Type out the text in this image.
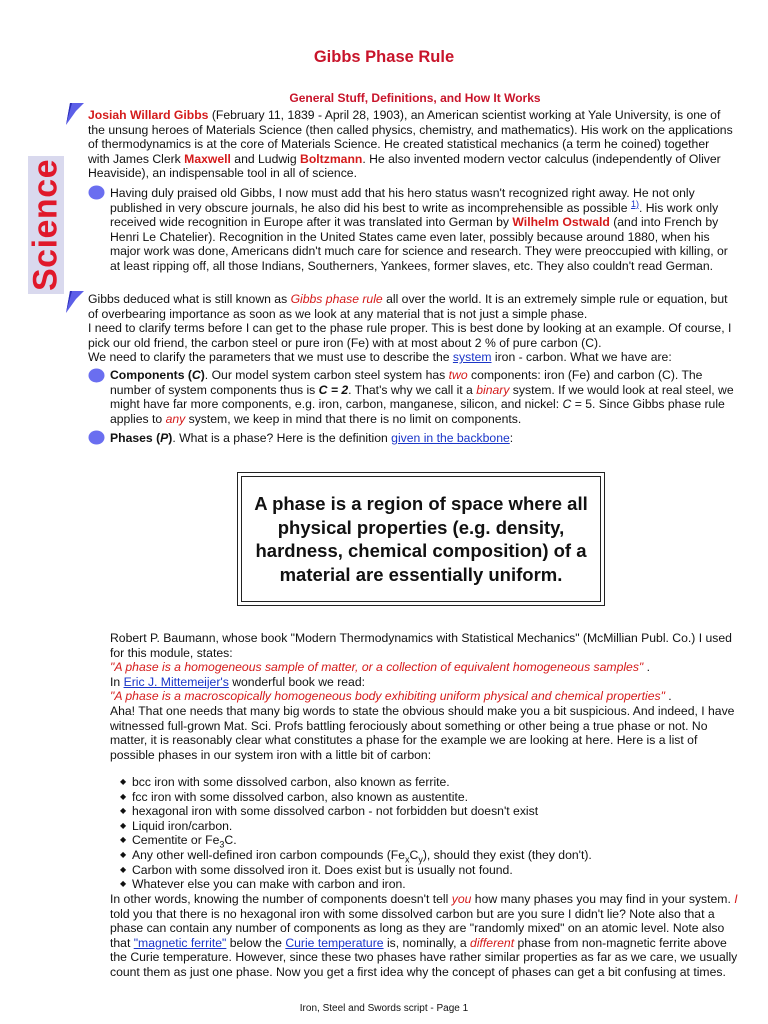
Gibbs Phase Rule
General Stuff, Definitions, and How It Works
Science
Josiah Willard Gibbs (February 11, 1839 - April 28, 1903), an American scientist working at Yale University, is one of the unsung heroes of Materials Science (then called physics, chemistry, and mathematics). His work on the applications of thermodynamics is at the core of Materials Science. He created statistical mechanics (a term he coined) together with James Clerk Maxwell and Ludwig Boltzmann. He also invented modern vector calculus (independently of Oliver Heaviside), an indispensable tool in all of science.
Having duly praised old Gibbs, I now must add that his hero status wasn't recognized right away. He not only published in very obscure journals, he also did his best to write as incomprehensible as possible $^{1)}$. His work only received wide recognition in Europe after it was translated into German by Wilhelm Ostwald (and into French by Henri Le Chatelier). Recognition in the United States came even later, possibly because around 1880, when his major work was done, Americans didn't much care for science and research. They were preoccupied with killing, or at least ripping off, all those Indians, Southerners, Yankees, former slaves, etc. They also couldn't read German.
Gibbs deduced what is still known as Gibbs phase rule all over the world. It is an extremely simple rule or equation, but of overbearing importance as soon as we look at any material that is not just a simple phase.
I need to clarify terms before I can get to the phase rule proper. This is best done by looking at an example. Of course, I pick our old friend, the carbon steel or pure iron (Fe) with at most about 2 % of pure carbon (C).
We need to clarify the parameters that we must use to describe the system iron - carbon. What we have are:
Components (C). Our model system carbon steel system has two components: iron (Fe) and carbon (C). The number of system components thus is C = 2. That's why we call it a binary system. If we would look at real steel, we might have far more components, e.g. iron, carbon, manganese, silicon, and nickel: C = 5. Since Gibbs phase rule applies to any system, we keep in mind that there is no limit on components.
Phases (P). What is a phase? Here is the definition given in the backbone:
A phase is a region of space where all physical properties (e.g. density, hardness, chemical composition) of a material are essentially uniform.
Robert P. Baumann, whose book "Modern Thermodynamics with Statistical Mechanics" (McMillian Publ. Co.) I used for this module, states:
"A phase is a homogeneous sample of matter, or a collection of equivalent homogeneous samples" .
In Eric J. Mittemeijer's wonderful book we read:
"A phase is a macroscopically homogeneous body exhibiting uniform physical and chemical properties" .
Aha! That one needs that many big words to state the obvious should make you a bit suspicious. And indeed, I have witnessed full-grown Mat. Sci. Profs battling ferociously about something or other being a true phase or not. No matter, it is reasonably clear what constitutes a phase for the example we are looking at here. Here is a list of possible phases in our system iron with a little bit of carbon:
◆ bcc iron with some dissolved carbon, also known as ferrite.
◆ fcc iron with some dissolved carbon, also known as austentite.
◆ hexagonal iron with some dissolved carbon - not forbidden but doesn't exist
◆ Liquid iron/carbon.
◆ Cementite or $Fe_3C$.
◆ Any other well-defined iron carbon compounds $(Fe_xC_y)$, should they exist (they don't).
◆ Carbon with some dissolved iron it. Does exist but is usually not found.
◆ Whatever else you can make with carbon and iron.
In other words, knowing the number of components doesn't tell you how many phases you may find in your system. I told you that there is no hexagonal iron with some dissolved carbon but are you sure I didn't lie? Note also that a phase can contain any number of components as long as they are "randomly mixed" on an atomic level. Note also that "magnetic ferrite" below the Curie temperature is, nominally, a different phase from non-magnetic ferrite above the Curie temperature. However, since these two phases have rather similar properties as far as we care, we usually count them as just one phase. Now you get a first idea why the concept of phases can get a bit confusing at times.
Iron, Steel and Swords script - Page 1
